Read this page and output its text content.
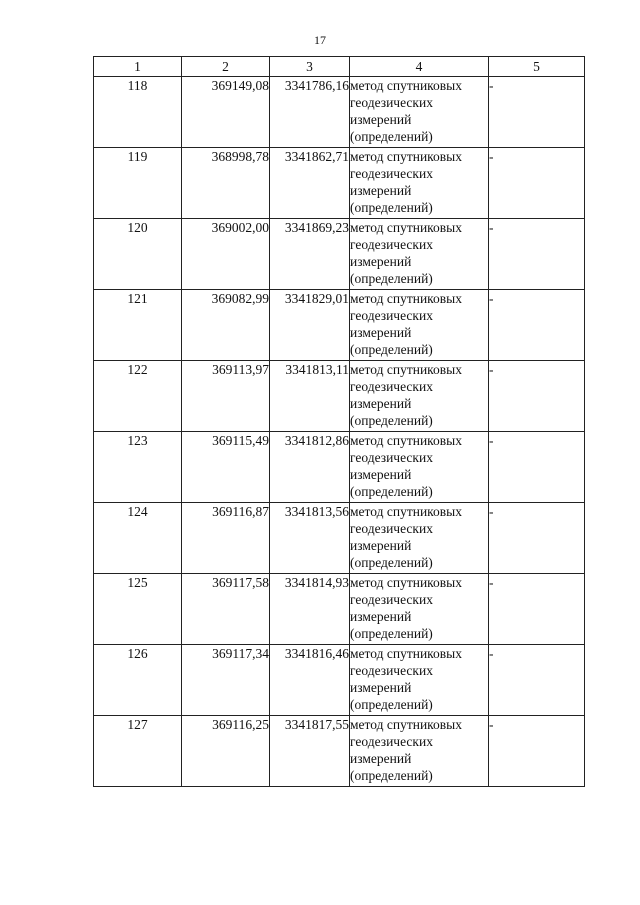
17
1	2	3	4	5
118	369149,08	3341786,16	метод спутниковых
геодезических
измерений
(определений)	-
119	368998,78	3341862,71	метод спутниковых
геодезических
измерений
(определений)	-
120	369002,00	3341869,23	метод спутниковых
геодезических
измерений
(определений)	-
121	369082,99	3341829,01	метод спутниковых
геодезических
измерений
(определений)	-
122	369113,97	3341813,11	метод спутниковых
геодезических
измерений
(определений)	-
123	369115,49	3341812,86	метод спутниковых
геодезических
измерений
(определений)	-
124	369116,87	3341813,56	метод спутниковых
геодезических
измерений
(определений)	-
125	369117,58	3341814,93	метод спутниковых
геодезических
измерений
(определений)	-
126	369117,34	3341816,46	метод спутниковых
геодезических
измерений
(определений)	-
127	369116,25	3341817,55	метод спутниковых
геодезических
измерений
(определений)	-
